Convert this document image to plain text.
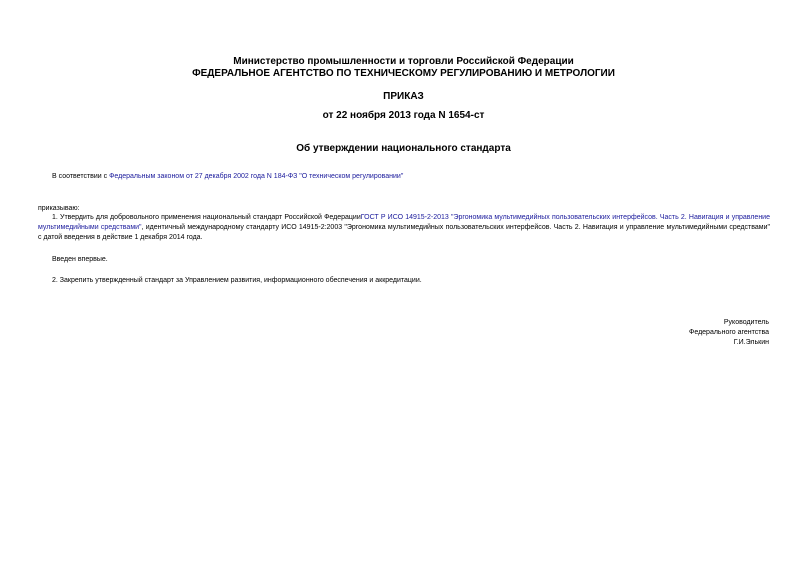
Министерство промышленности и торговли Российской Федерации
ФЕДЕРАЛЬНОЕ АГЕНТСТВО ПО ТЕХНИЧЕСКОМУ РЕГУЛИРОВАНИЮ И МЕТРОЛОГИИ
ПРИКАЗ
от 22 ноября 2013 года N 1654-ст
Об утверждении национального стандарта
В соответствии с Федеральным законом от 27 декабря 2002 года N 184-ФЗ "О техническом регулировании"
приказываю:
1. Утвердить для добровольного применения национальный стандарт Российской ФедерацииГОСТ Р ИСО 14915-2-2013 "Эргономика мультимедийных пользовательских интерфейсов. Часть 2. Навигация и управление мультимедийными средствами", идентичный международному стандарту ИСО 14915-2:2003 "Эргономика мультимедийных пользовательских интерфейсов. Часть 2. Навигация и управление мультимедийными средствами" с датой введения в действие 1 декабря 2014 года.
Введен впервые.
2. Закрепить утвержденный стандарт за Управлением развития, информационного обеспечения и аккредитации.
Руководитель
Федерального агентства
Г.И.Элькин
